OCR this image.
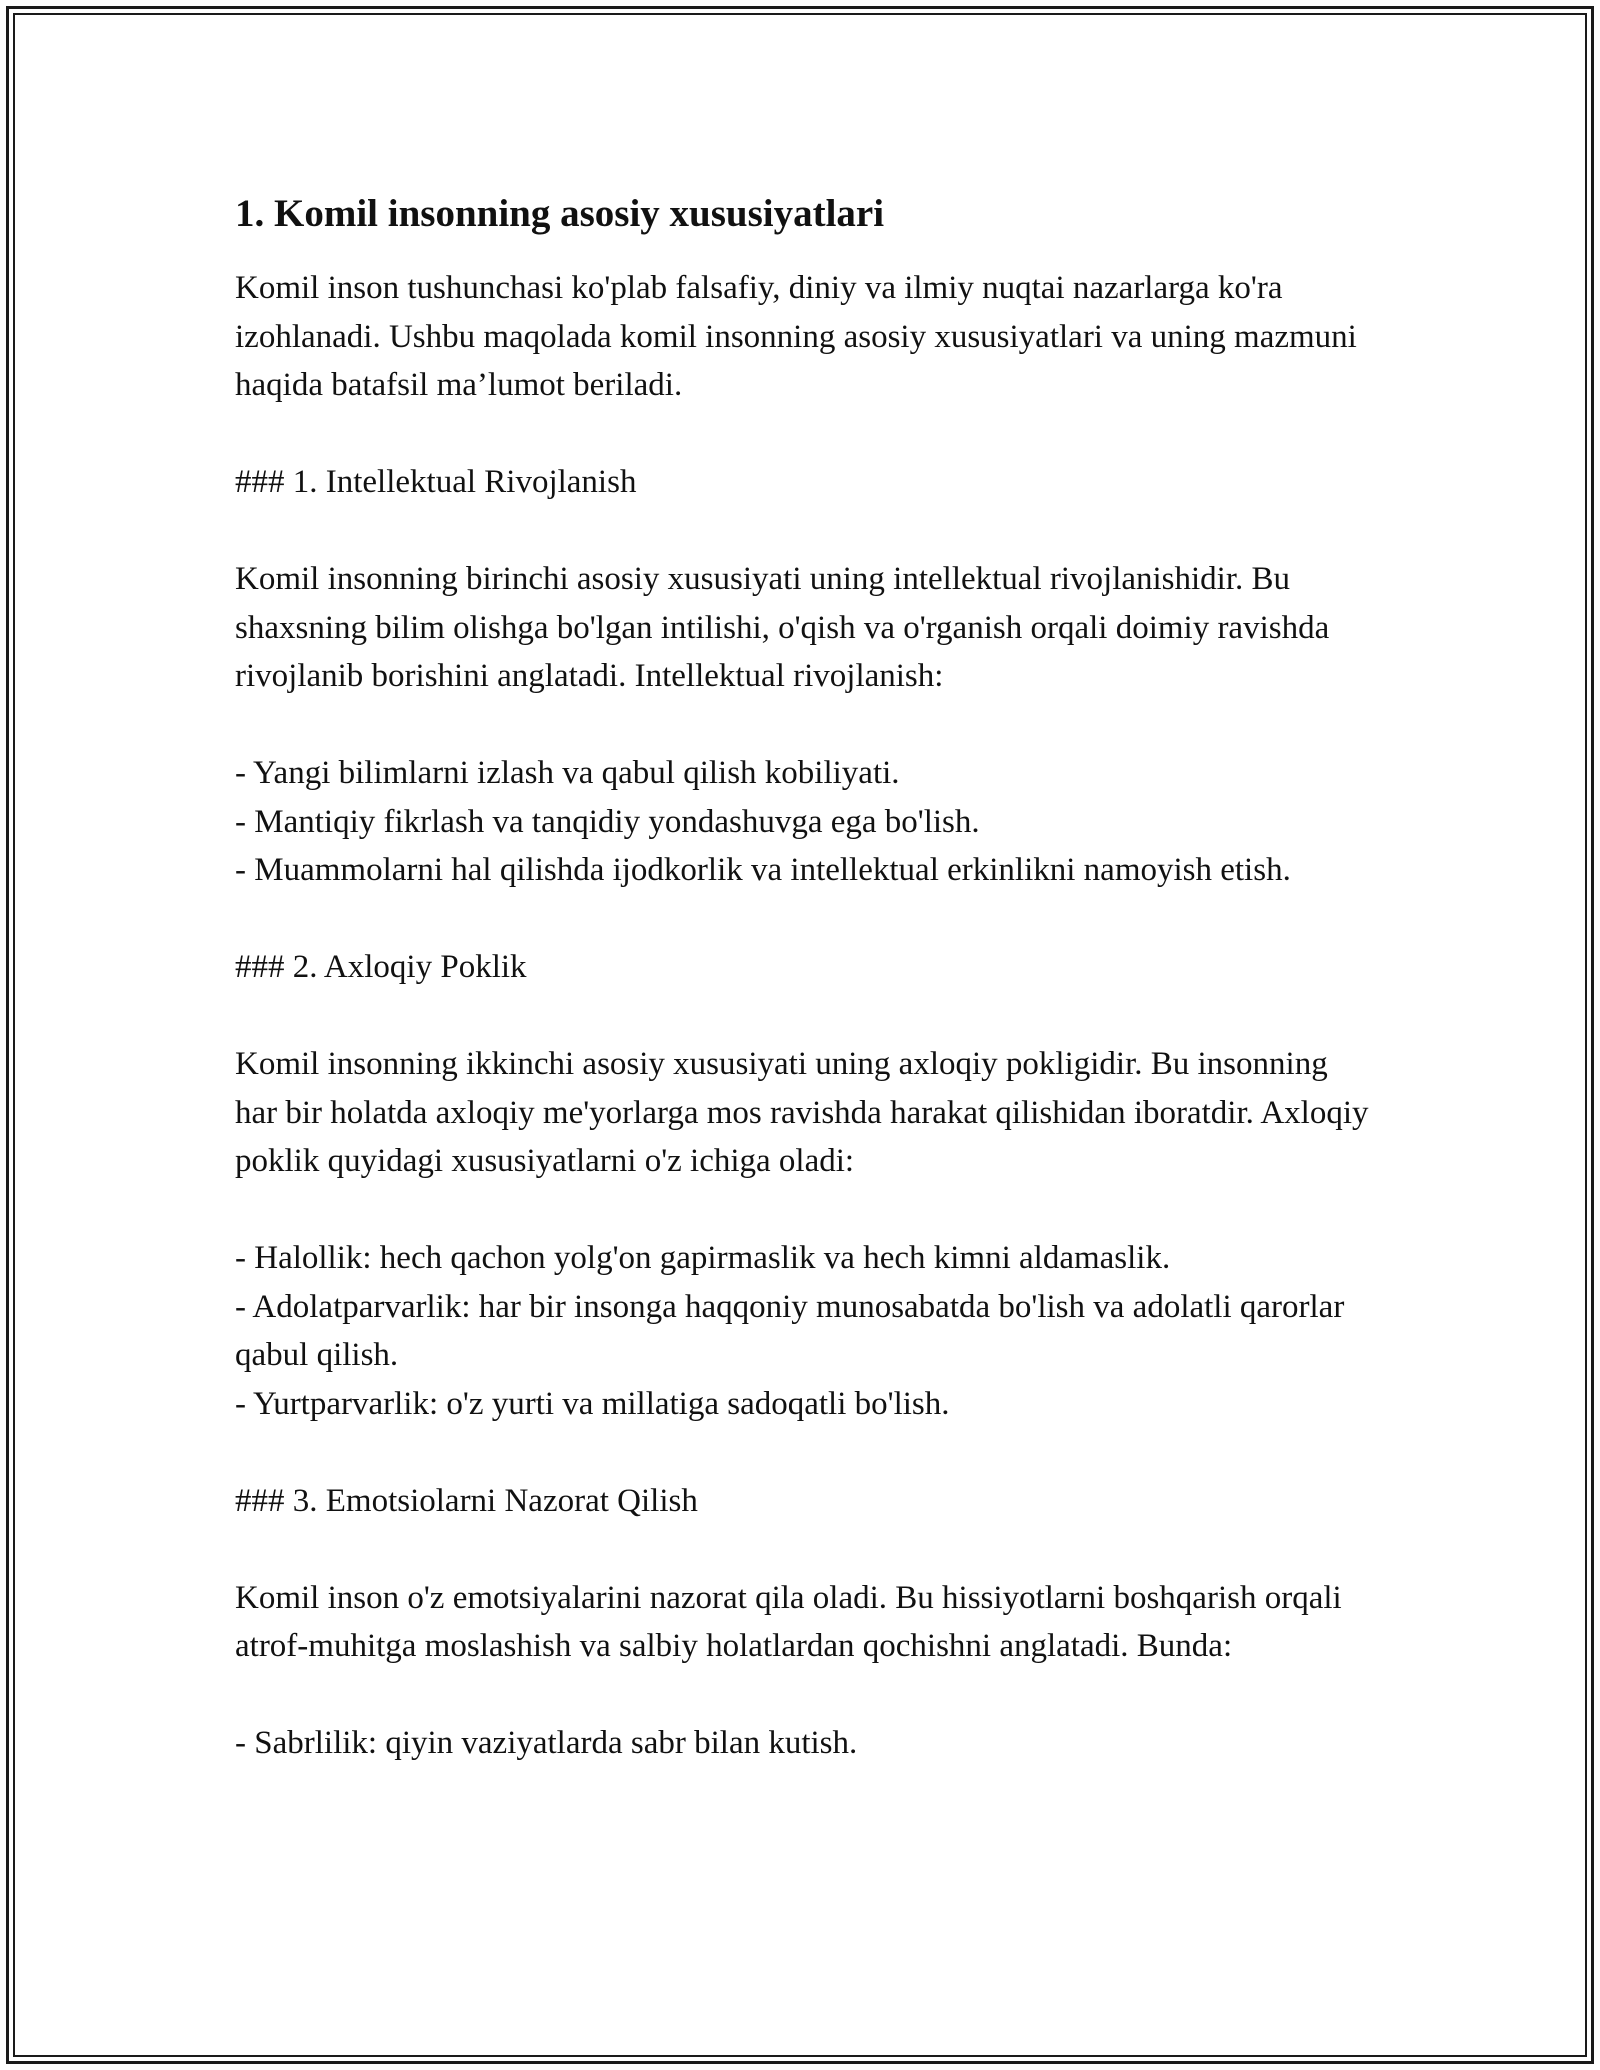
1. Komil insonning asosiy xususiyatlari

Komil inson tushunchasi ko'plab falsafiy, diniy va ilmiy nuqtai nazarlarga ko'ra izohlanadi. Ushbu maqolada komil insonning asosiy xususiyatlari va uning mazmuni haqida batafsil ma’lumot beriladi.

### 1. Intellektual Rivojlanish

Komil insonning birinchi asosiy xususiyati uning intellektual rivojlanishidir. Bu shaxsning bilim olishga bo'lgan intilishi, o'qish va o'rganish orqali doimiy ravishda rivojlanib borishini anglatadi. Intellektual rivojlanish:

- Yangi bilimlarni izlash va qabul qilish kobiliyati.

- Mantiqiy fikrlash va tanqidiy yondashuvga ega bo'lish.

- Muammolarni hal qilishda ijodkorlik va intellektual erkinlikni namoyish etish.

### 2. Axloqiy Poklik

Komil insonning ikkinchi asosiy xususiyati uning axloqiy pokligidir. Bu insonning har bir holatda axloqiy me'yorlarga mos ravishda harakat qilishidan iboratdir. Axloqiy poklik quyidagi xususiyatlarni o'z ichiga oladi:

- Halollik: hech qachon yolg'on gapirmaslik va hech kimni aldamaslik.

- Adolatparvarlik: har bir insonga haqqoniy munosabatda bo'lish va adolatli qarorlar qabul qilish.

- Yurtparvarlik: o'z yurti va millatiga sadoqatli bo'lish.

### 3. Emotsiolarni Nazorat Qilish

Komil inson o'z emotsiyalarini nazorat qila oladi. Bu hissiyotlarni boshqarish orqali atrof-muhitga moslashish va salbiy holatlardan qochishni anglatadi. Bunda:

- Sabrlilik: qiyin vaziyatlarda sabr bilan kutish.
